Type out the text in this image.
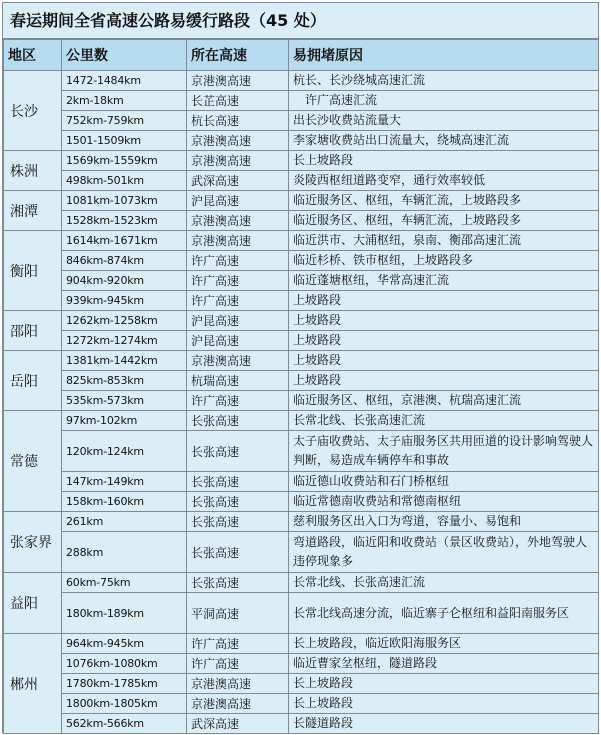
春运期间全省高速公路易缓行路段（45 处）
地区	公里数	所在高速	易拥堵原因
长沙	1472-1484km	京港澳高速	杭长、长沙绕城高速汇流
	2km-18km	长芷高速	　许广高速汇流
	752km-759km	杭长高速	出长沙收费站流量大
	1501-1509km	京港澳高速	李家塘收费站出口流量大，绕城高速汇流
株洲	1569km-1559km	京港澳高速	长上坡路段
	498km-501km	武深高速	炎陵西枢纽道路变窄，通行效率较低
湘潭	1081km-1073km	沪昆高速	临近服务区、枢纽，车辆汇流，上坡路段多
	1528km-1523km	京港澳高速	临近服务区、枢纽，车辆汇流，上坡路段多
衡阳	1614km-1671km	京港澳高速	临近洪市、大浦枢纽，泉南、衡邵高速汇流
	846km-874km	许广高速	临近杉桥、铁市枢纽，上坡路段多
	904km-920km	许广高速	临近蓬塘枢纽，华常高速汇流
	939km-945km	许广高速	上坡路段
邵阳	1262km-1258km	沪昆高速	上坡路段
	1272km-1274km	沪昆高速	上坡路段
岳阳	1381km-1442km	京港澳高速	上坡路段
	825km-853km	杭瑞高速	上坡路段
	535km-573km	许广高速	临近服务区、枢纽，京港澳、杭瑞高速汇流
常德	97km-102km	长张高速	长常北线、长张高速汇流
	120km-124km	长张高速	太子庙收费站、太子庙服务区共用匝道的设计影响驾驶人判断，易造成车辆停车和事故
	147km-149km	长张高速	临近德山收费站和石门桥枢纽
	158km-160km	长张高速	临近常德南收费站和常德南枢纽
张家界	261km	长张高速	慈利服务区出入口为弯道，容量小、易饱和
	288km	长张高速	弯道路段，临近阳和收费站（景区收费站），外地驾驶人违停现象多
益阳	60km-75km	长张高速	长常北线、长张高速汇流
	180km-189km	平洞高速	长常北线高速分流，临近寨子仑枢纽和益阳南服务区
郴州	964km-945km	许广高速	长上坡路段，临近欧阳海服务区
	1076km-1080km	许广高速	临近曹家坌枢纽，隧道路段
	1780km-1785km	京港澳高速	长上坡路段
	1800km-1805km	京港澳高速	长上坡路段
	562km-566km	武深高速	长隧道路段
